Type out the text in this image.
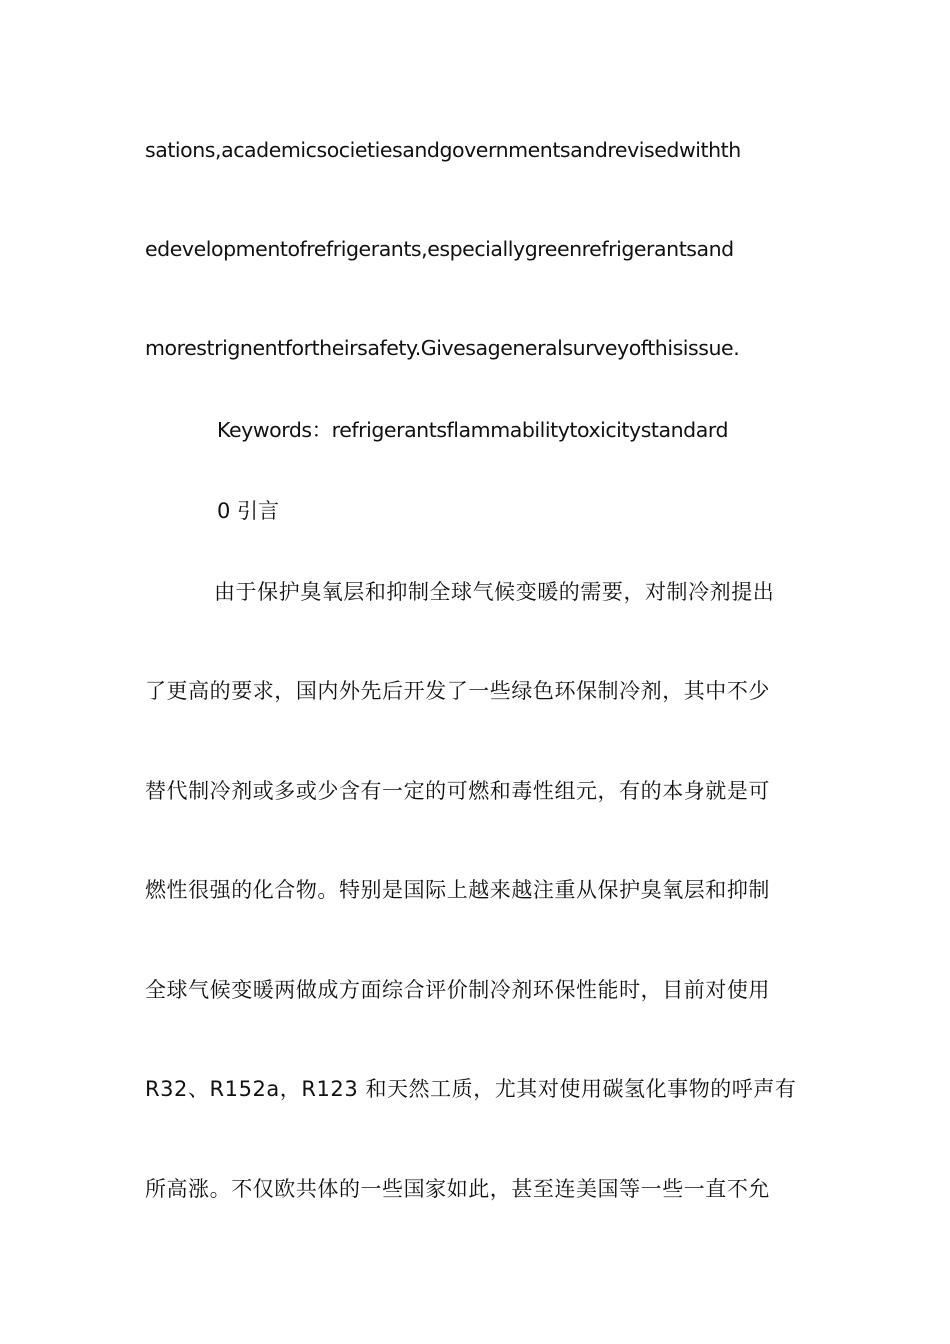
sations,academicsocietiesandgovernmentsandrevisedwithth
edevelopmentofrefrigerants,especiallygreenrefrigerantsand
morestrignentfortheirsafety.Givesageneralsurveyofthisissue.
Keywords：refrigerantsflammabilitytoxicitystandard
0 引言
由于保护臭氧层和抑制全球气候变暖的需要，对制冷剂提出
了更高的要求，国内外先后开发了一些绿色环保制冷剂，其中不少
替代制冷剂或多或少含有一定的可燃和毒性组元，有的本身就是可
燃性很强的化合物。特别是国际上越来越注重从保护臭氧层和抑制
全球气候变暖两做成方面综合评价制冷剂环保性能时，目前对使用
R32、R152a，R123 和天然工质，尤其对使用碳氢化事物的呼声有
所高涨。不仅欧共体的一些国家如此，甚至连美国等一些一直不允
